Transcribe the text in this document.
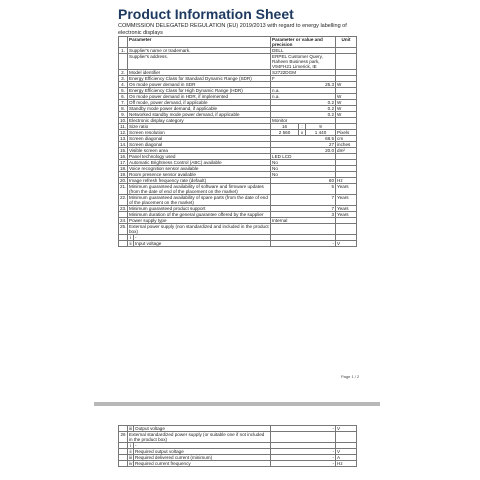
Product Information Sheet
COMMISSION DELEGATED REGULATION (EU) 2019/2013 with regard to energy labelling of electronic displays
	Parameter		Parameter or value and precision			Unit
1.	Supplier's name or trademark.		DELL			
	Supplier's address.		ERPEL Customer Query, Raheen Business park, V94FH21 Limerick, IE			
2.	Model identifier		S2722DGM			
3.	Energy Efficiency Class for Standard Dynamic Range (SDR)		F			
4.	On mode power demand in SDR		25.3			W
5.	Energy Efficiency Class for High Dynamic Range (HDR)		n.a.			
6.	On mode power demand in HDR, if implemented		n.a.			W
7.	Off mode, power demand, if applicable		0.2			W
8.	Standby mode power demand, if applicable		0.2			W
9.	Networked standby mode power demand, if applicable		0.2			W
10.	Electronic display category		Monitor			
11.	Size ratio		16	:	9	
12.	Screen resolution		2 560	x	1 440	Pixels
13.	Screen diagonal		68.5			cm
14.	Screen diagonal		27			inches
15.	Visible screen area		20.0			dm²
16.	Panel technology used		LED LCD			
17.	Automatic Brightness Control (ABC) available		No			
18.	Voice recognition sensor available		No			
19.	Room presence sensor available		No			
20.	Image refresh frequency rate (default)		60			Hz
21.	Minimum guaranteed availability of software and firmware updates (from the date of end of the placement on the market)		5			Years
22.	Minimum guaranteed availability of spare parts (from the date of end of the placement on the market)		7			Years
23.	Minimum guaranteed product support		7			Years
	Minimum duration of the general guarantee offered by the supplier		3			Years
24.	Power supply type		Internal			
25.	External power supply (non standardized and included in the product box)					
	i	-				
	ii	Input voltage	-			V
Page 1 / 2
	iii	Output voltage	-	V
26	External standardized power supply (or suitable one if not included in the product box)			
	i	-		
	ii	Required output voltage	-	V
	iii	Required delivered current (minimum)	-	A
	iv	Required current frequency	-	Hz
